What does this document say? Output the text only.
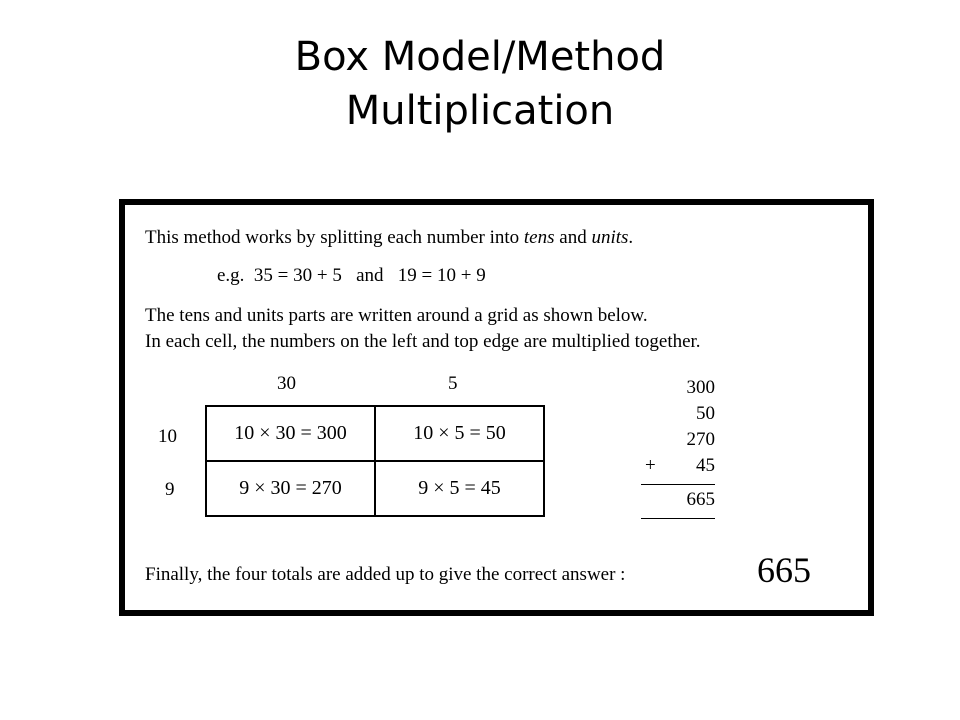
Box Model/Method
Multiplication
This method works by splitting each number into tens and units.
e.g.  35 = 30 + 5   and   19 = 10 + 9
The tens and units parts are written around a grid as shown below.
In each cell, the numbers on the left and top edge are multiplied together.
30	5
10
9
10 × 30 = 300	10 × 5 = 50
9 × 30 = 270	9 × 5 = 45
300
50
270
45
+
665
Finally, the four totals are added up to give the correct answer :	665
